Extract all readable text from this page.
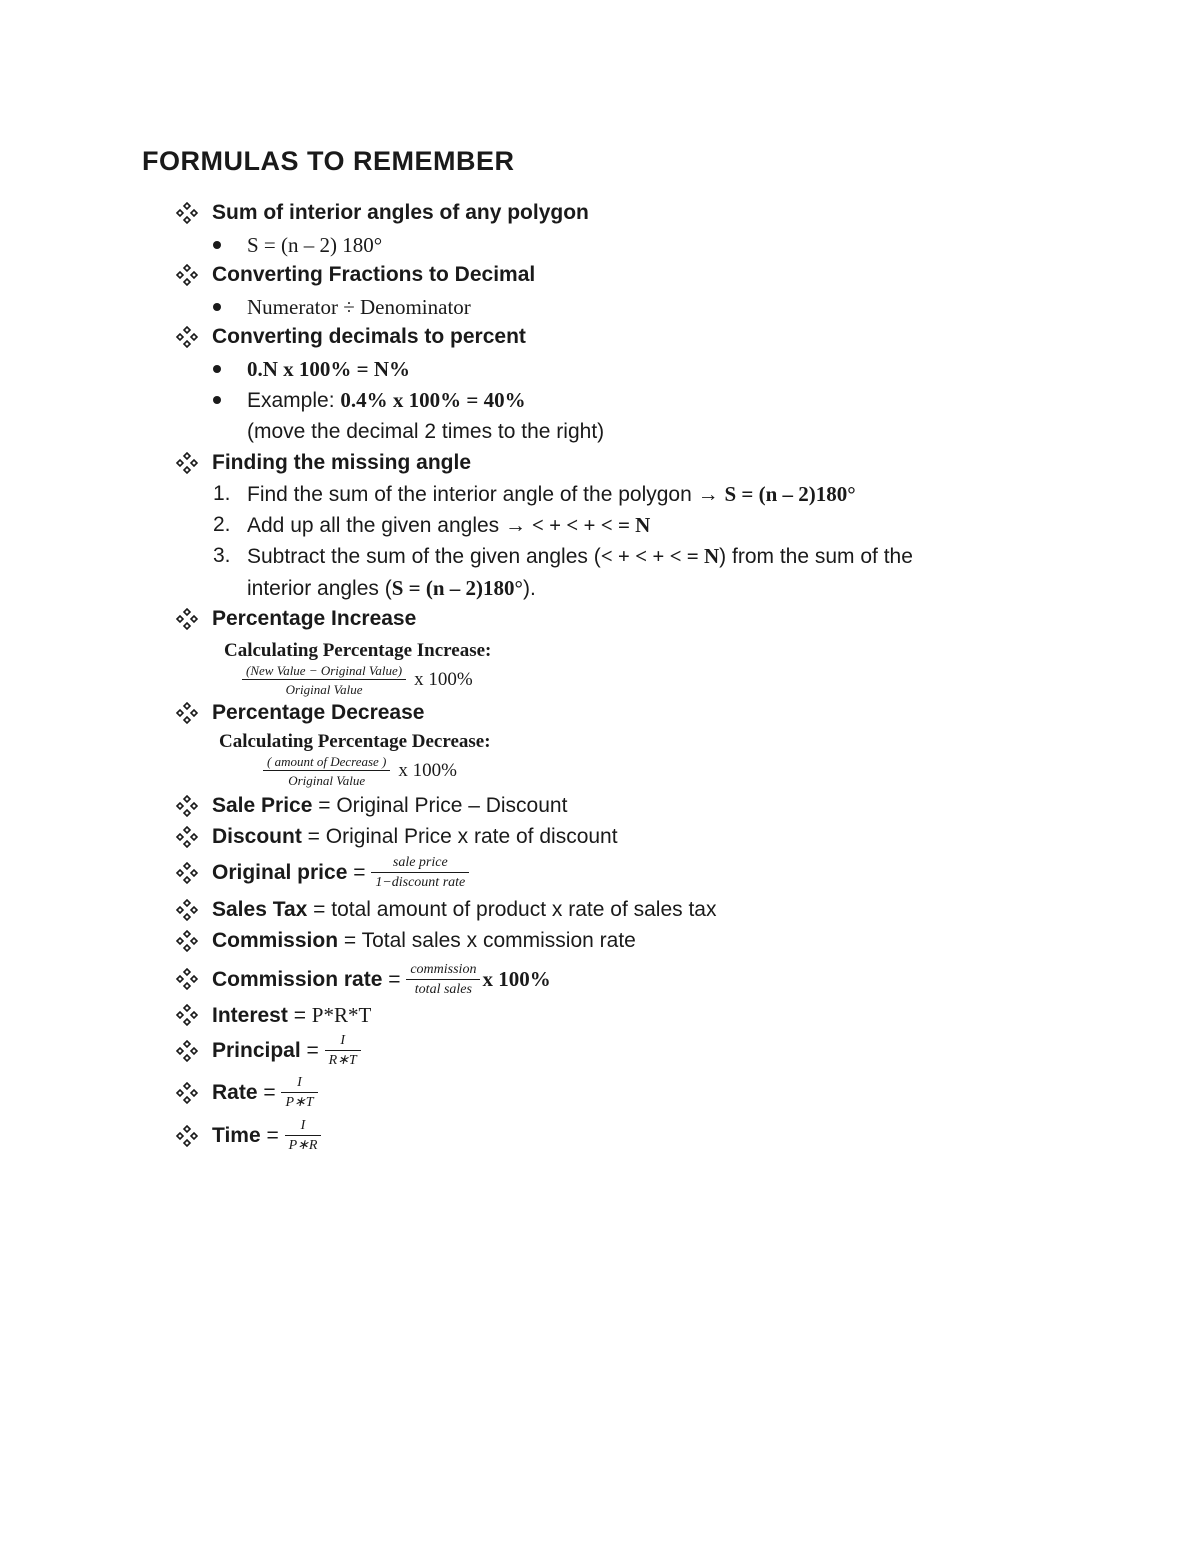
FORMULAS TO REMEMBER
Sum of interior angles of any polygon
S = (n – 2) 180°
Converting Fractions to Decimal
Numerator ÷ Denominator
Converting decimals to percent
0.N x 100% = N%
Example: 0.4% x 100% = 40%
(move the decimal 2 times to the right)
Finding the missing angle
1. Find the sum of the interior angle of the polygon → S = (n – 2)180°
2. Add up all the given angles → < + < + < = N
3. Subtract the sum of the given angles (< + < + < = N) from the sum of the
interior angles (S = (n – 2)180°).
Percentage Increase
Calculating Percentage Increase:
$\frac{\text{(New Value − Original Value)}}{\text{Original Value}}$ x 100%
Percentage Decrease
Calculating Percentage Decrease:
$\frac{\text{( amount of Decrease )}}{\text{Original Value}}$ x 100%
Sale Price = Original Price – Discount
Discount = Original Price x rate of discount
Original price = $\frac{\text{sale price}}{\text{1−discount rate}}$
Sales Tax = total amount of product x rate of sales tax
Commission = Total sales x commission rate
Commission rate = $\frac{\text{commission}}{\text{total sales}}$ x 100%
Interest = P*R*T
Principal = $\frac{I}{R∗T}$
Rate = $\frac{I}{P∗T}$
Time = $\frac{I}{P∗R}$
